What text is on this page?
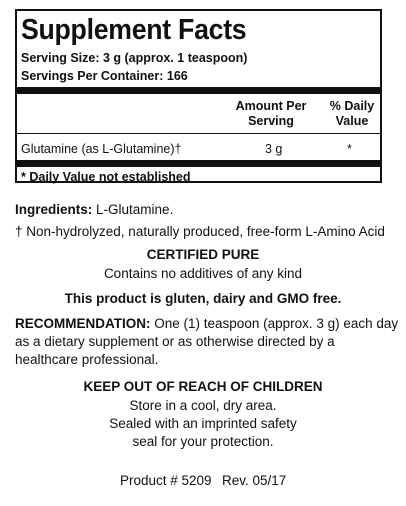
Supplement Facts
Serving Size: 3 g (approx. 1 teaspoon)
Servings Per Container: 166
Amount Per
Serving
% Daily
Value
Glutamine (as L-Glutamine)†	3 g	*
* Daily Value not established
Ingredients: L-Glutamine.
† Non-hydrolyzed, naturally produced, free-form L-Amino Acid
CERTIFIED PURE
Contains no additives of any kind
This product is gluten, dairy and GMO free.
RECOMMENDATION: One (1) teaspoon (approx. 3 g) each day
as a dietary supplement or as otherwise directed by a
healthcare professional.
KEEP OUT OF REACH OF CHILDREN
Store in a cool, dry area.
Sealed with an imprinted safety
seal for your protection.
Product # 5209 Rev. 05/17
